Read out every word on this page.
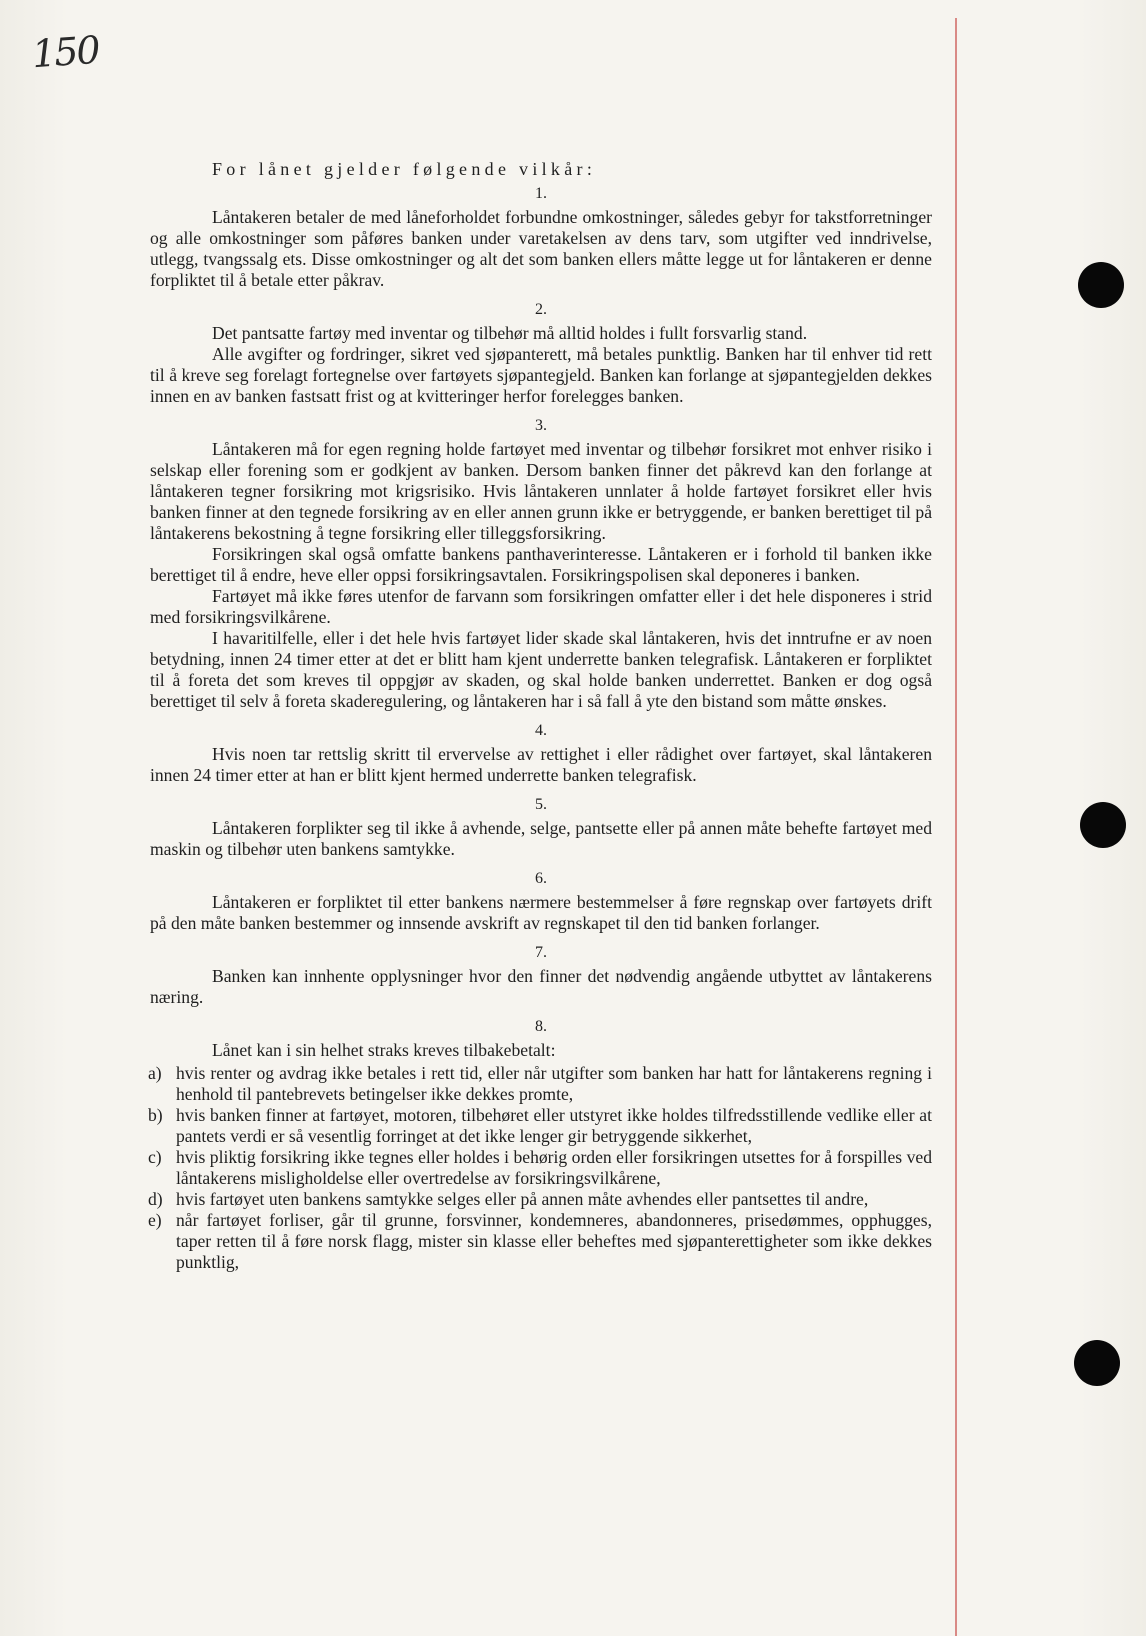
150
For lånet gjelder følgende vilkår:
1.

Låntakeren betaler de med låneforholdet forbundne omkostninger, således gebyr for takstforretninger og alle omkostninger som påføres banken under varetakelsen av dens tarv, som utgifter ved inndrivelse, utlegg, tvangssalg ets. Disse omkostninger og alt det som banken ellers måtte legge ut for låntakeren er denne forpliktet til å betale etter påkrav.

2.

Det pantsatte fartøy med inventar og tilbehør må alltid holdes i fullt forsvarlig stand.

Alle avgifter og fordringer, sikret ved sjøpanterett, må betales punktlig. Banken har til enhver tid rett til å kreve seg forelagt fortegnelse over fartøyets sjøpantegjeld. Banken kan forlange at sjøpantegjelden dekkes innen en av banken fastsatt frist og at kvitteringer herfor forelegges banken.

3.

Låntakeren må for egen regning holde fartøyet med inventar og tilbehør forsikret mot enhver risiko i selskap eller forening som er godkjent av banken. Dersom banken finner det påkrevd kan den forlange at låntakeren tegner forsikring mot krigsrisiko. Hvis låntakeren unnlater å holde fartøyet forsikret eller hvis banken finner at den tegnede forsikring av en eller annen grunn ikke er betryggende, er banken berettiget til på låntakerens bekostning å tegne forsikring eller tilleggsforsikring.

Forsikringen skal også omfatte bankens panthaverinteresse. Låntakeren er i forhold til banken ikke berettiget til å endre, heve eller oppsi forsikringsavtalen. Forsikringspolisen skal deponeres i banken.

Fartøyet må ikke føres utenfor de farvann som forsikringen omfatter eller i det hele disponeres i strid med forsikringsvilkårene.

I havaritilfelle, eller i det hele hvis fartøyet lider skade skal låntakeren, hvis det inntrufne er av noen betydning, innen 24 timer etter at det er blitt ham kjent underrette banken telegrafisk. Låntakeren er forpliktet til å foreta det som kreves til oppgjør av skaden, og skal holde banken underrettet. Banken er dog også berettiget til selv å foreta skaderegulering, og låntakeren har i så fall å yte den bistand som måtte ønskes.

4.

Hvis noen tar rettslig skritt til ervervelse av rettighet i eller rådighet over fartøyet, skal låntakeren innen 24 timer etter at han er blitt kjent hermed underrette banken telegrafisk.

5.

Låntakeren forplikter seg til ikke å avhende, selge, pantsette eller på annen måte behefte fartøyet med maskin og tilbehør uten bankens samtykke.

6.

Låntakeren er forpliktet til etter bankens nærmere bestemmelser å føre regnskap over fartøyets drift på den måte banken bestemmer og innsende avskrift av regnskapet til den tid banken forlanger.

7.

Banken kan innhente opplysninger hvor den finner det nødvendig angående utbyttet av låntakerens næring.

8.

Lånet kan i sin helhet straks kreves tilbakebetalt:

a) hvis renter og avdrag ikke betales i rett tid, eller når utgifter som banken har hatt for låntakerens regning i henhold til pantebrevets betingelser ikke dekkes promte,
b) hvis banken finner at fartøyet, motoren, tilbehøret eller utstyret ikke holdes tilfredsstillende vedlike eller at pantets verdi er så vesentlig forringet at det ikke lenger gir betryggende sikkerhet,
c) hvis pliktig forsikring ikke tegnes eller holdes i behørig orden eller forsikringen utsettes for å forspilles ved låntakerens misligholdelse eller overtredelse av forsikringsvilkårene,
d) hvis fartøyet uten bankens samtykke selges eller på annen måte avhendes eller pantsettes til andre,
e) når fartøyet forliser, går til grunne, forsvinner, kondemneres, abandonneres, prisedømmes, opphugges, taper retten til å føre norsk flagg, mister sin klasse eller beheftes med sjøpanterettigheter som ikke dekkes punktlig,
